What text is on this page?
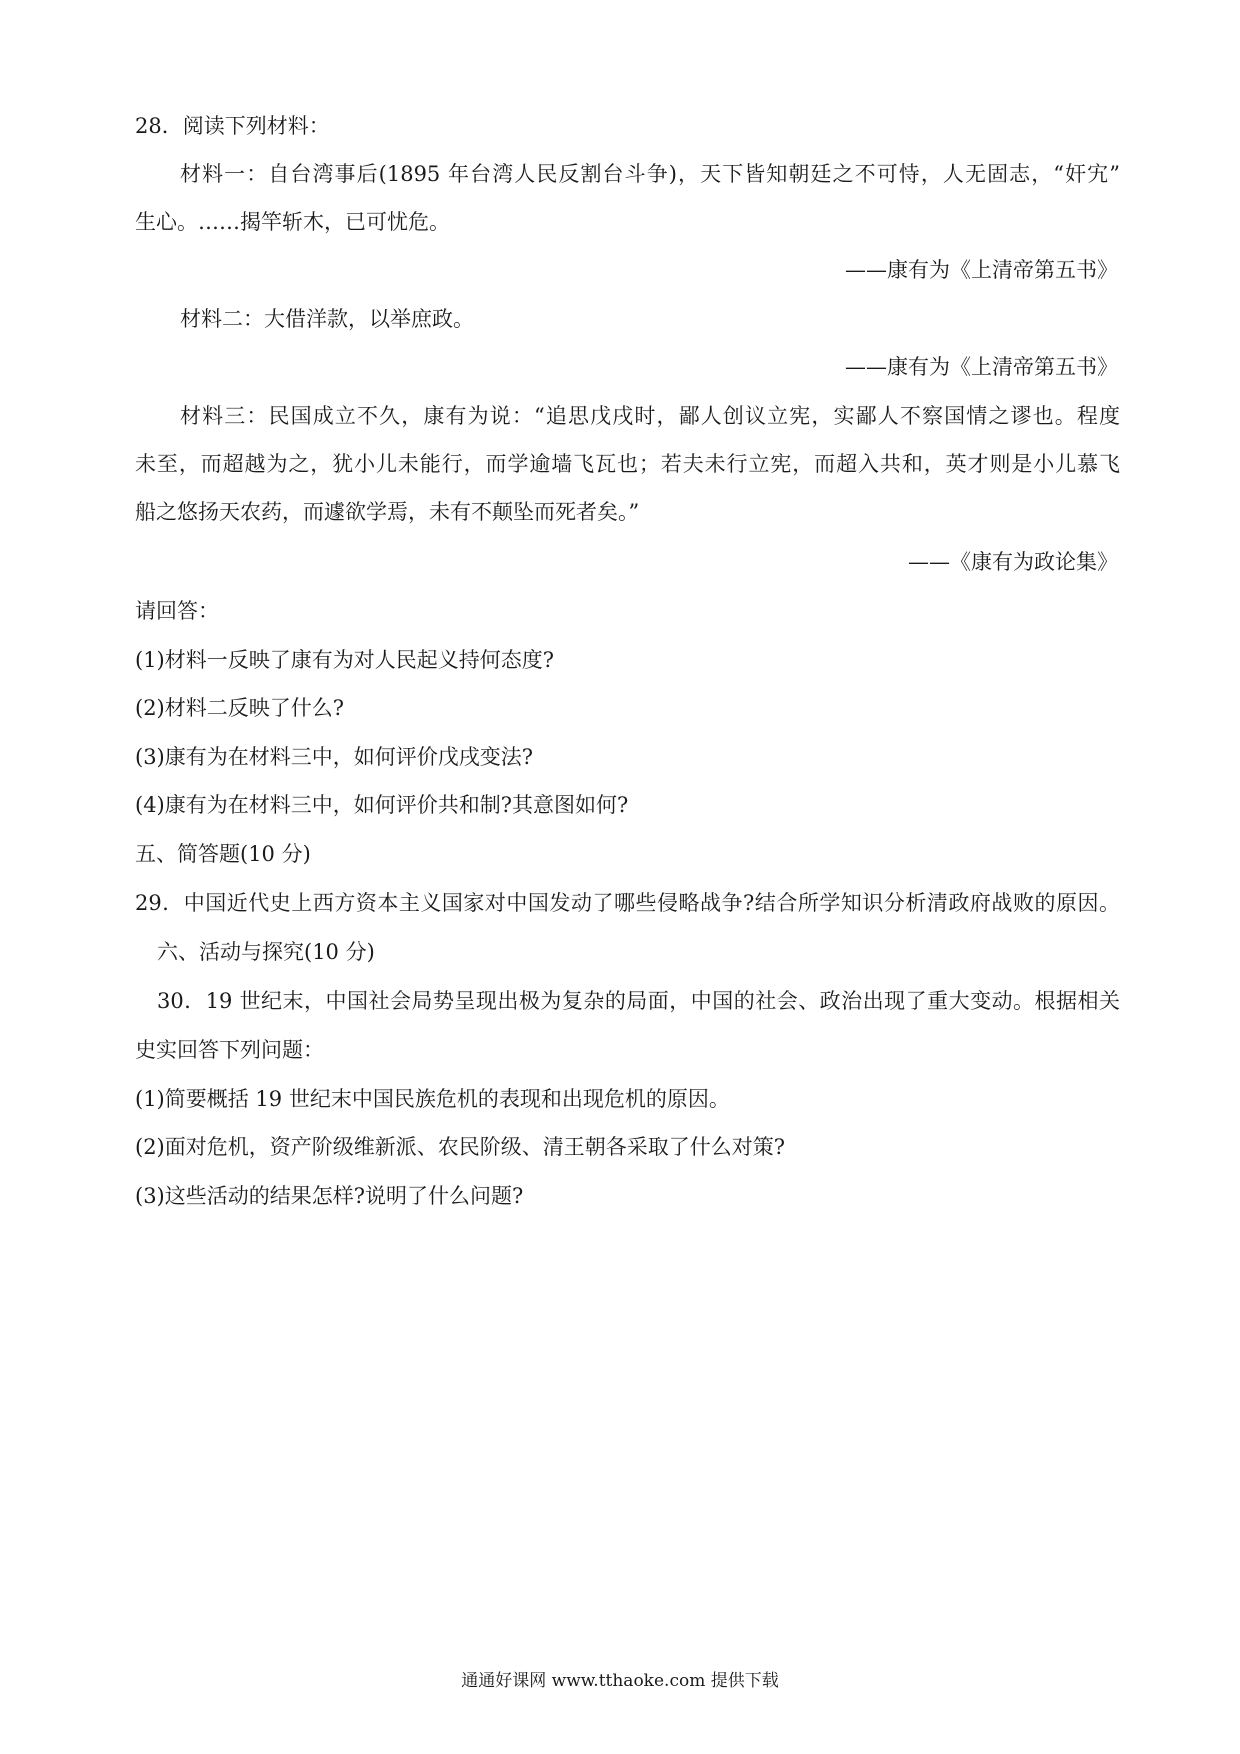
28．阅读下列材料：
材料一：自台湾事后(1895 年台湾人民反割台斗争)，天下皆知朝廷之不可恃，人无固志，“奸宄”
生心。……揭竿斩木，已可忧危。
——康有为《上清帝第五书》
材料二：大借洋款，以举庶政。
——康有为《上清帝第五书》
材料三：民国成立不久，康有为说：“追思戊戌时，鄙人创议立宪，实鄙人不察国情之谬也。程度
未至，而超越为之，犹小儿未能行，而学逾墙飞瓦也；若夫未行立宪，而超入共和，英才则是小儿慕飞
船之悠扬天农药，而遽欲学焉，未有不颠坠而死者矣。”
——《康有为政论集》
请回答：
(1)材料一反映了康有为对人民起义持何态度?
(2)材料二反映了什么?
(3)康有为在材料三中，如何评价戊戌变法?
(4)康有为在材料三中，如何评价共和制?其意图如何?
五、简答题(10 分)
29．中国近代史上西方资本主义国家对中国发动了哪些侵略战争?结合所学知识分析清政府战败的原因。
六、活动与探究(10 分)
30．19 世纪末，中国社会局势呈现出极为复杂的局面，中国的社会、政治出现了重大变动。根据相关
史实回答下列问题：
(1)简要概括 19 世纪末中国民族危机的表现和出现危机的原因。
(2)面对危机，资产阶级维新派、农民阶级、清王朝各采取了什么对策?
(3)这些活动的结果怎样?说明了什么问题?
通通好课网 www.tthaoke.com 提供下载
